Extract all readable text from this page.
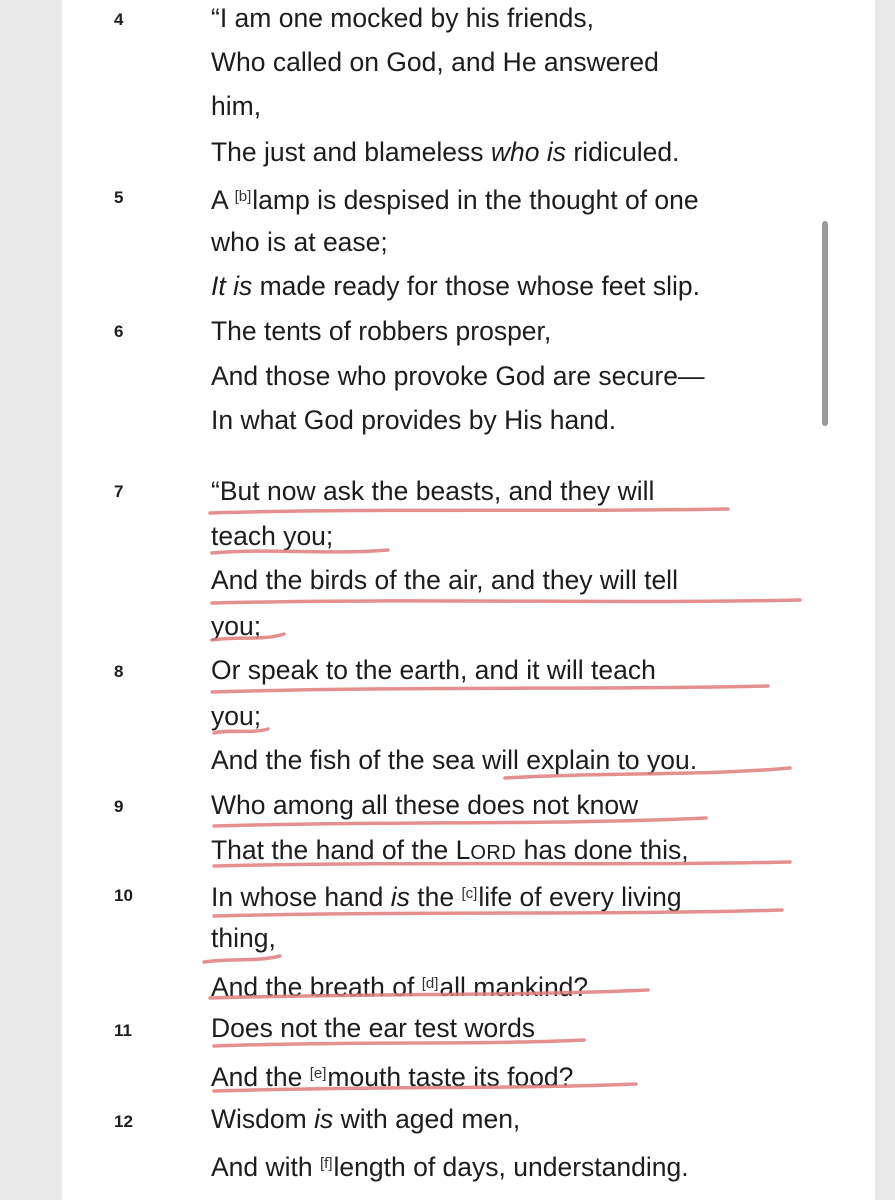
4	“I am one mocked by his friends,
Who called on God, and He answered
him,
The just and blameless who is ridiculed.
5	A [b]lamp is despised in the thought of one
who is at ease;
It is made ready for those whose feet slip.
6	The tents of robbers prosper,
And those who provoke God are secure—
In what God provides by His hand.
7	“But now ask the beasts, and they will
teach you;
And the birds of the air, and they will tell
you;
8	Or speak to the earth, and it will teach
you;
And the fish of the sea will explain to you.
9	Who among all these does not know
That the hand of the LORD has done this,
10	In whose hand is the [c]life of every living
thing,
And the breath of [d]all mankind?
11	Does not the ear test words
And the [e]mouth taste its food?
12	Wisdom is with aged men,
And with [f]length of days, understanding.
